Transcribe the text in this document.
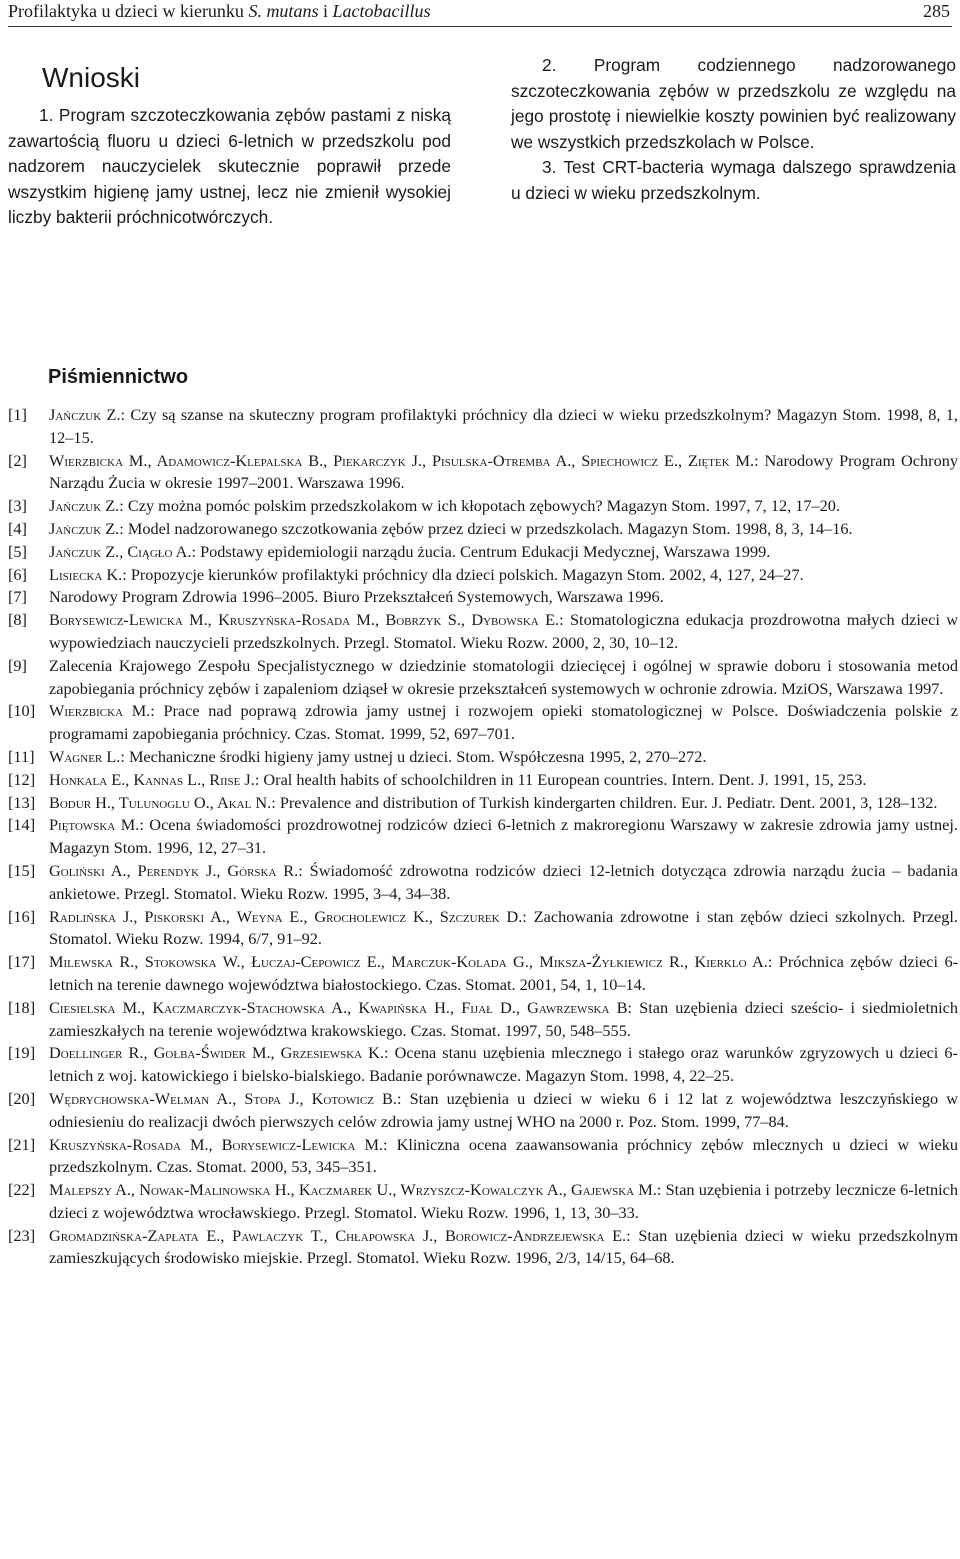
Profilaktyka u dzieci w kierunku S. mutans i Lactobacillus	285
Wnioski

1. Program szczoteczkowania zębów pastami z niską zawartością fluoru u dzieci 6-letnich w przedszkolu pod nadzorem nauczycielek skutecznie poprawił przede wszystkim higienę jamy ustnej, lecz nie zmienił wysokiej liczby bakterii próchnicotwórczych.

2. Program codziennego nadzorowanego szczoteczkowania zębów w przedszkolu ze względu na jego prostotę i niewielkie koszty powinien być realizowany we wszystkich przedszkolach w Polsce.

3. Test CRT-bacteria wymaga dalszego sprawdzenia u dzieci w wieku przedszkolnym.

Piśmiennictwo
[1]	Jańczuk Z.: Czy są szanse na skuteczny program profilaktyki próchnicy dla dzieci w wieku przedszkolnym? Magazyn Stom. 1998, 8, 1, 12–15.
[2]	Wierzbicka M., Adamowicz-Klepalska B., Piekarczyk J., Pisulska-Otremba A., Spiechowicz E., Ziętek M.: Narodowy Program Ochrony Narządu Żucia w okresie 1997–2001. Warszawa 1996.
[3]	Jańczuk Z.: Czy można pomóc polskim przedszkolakom w ich kłopotach zębowych? Magazyn Stom. 1997, 7, 12, 17–20.
[4]	Jańczuk Z.: Model nadzorowanego szczotkowania zębów przez dzieci w przedszkolach. Magazyn Stom. 1998, 8, 3, 14–16.
[5]	Jańczuk Z., Ciągło A.: Podstawy epidemiologii narządu żucia. Centrum Edukacji Medycznej, Warszawa 1999.
[6]	Lisiecka K.: Propozycje kierunków profilaktyki próchnicy dla dzieci polskich. Magazyn Stom. 2002, 4, 127, 24–27.
[7]	Narodowy Program Zdrowia 1996–2005. Biuro Przekształceń Systemowych, Warszawa 1996.
[8]	Borysewicz-Lewicka M., Kruszyńska-Rosada M., Bobrzyk S., Dybowska E.: Stomatologiczna edukacja prozdrowotna małych dzieci w wypowiedziach nauczycieli przedszkolnych. Przegl. Stomatol. Wieku Rozw. 2000, 2, 30, 10–12.
[9]	Zalecenia Krajowego Zespołu Specjalistycznego w dziedzinie stomatologii dziecięcej i ogólnej w sprawie doboru i stosowania metod zapobiegania próchnicy zębów i zapaleniom dziąseł w okresie przekształceń systemowych w ochronie zdrowia. MziOS, Warszawa 1997.
[10] Wierzbicka M.: Prace nad poprawą zdrowia jamy ustnej i rozwojem opieki stomatologicznej w Polsce. Doświadczenia polskie z programami zapobiegania próchnicy. Czas. Stomat. 1999, 52, 697–701.
[11] Wagner L.: Mechaniczne środki higieny jamy ustnej u dzieci. Stom. Współczesna 1995, 2, 270–272.
[12] Honkala E., Kannas L., Riise J.: Oral health habits of schoolchildren in 11 European countries. Intern. Dent. J. 1991, 15, 253.
[13] Bodur H., Tulunoglu O., Akal N.: Prevalence and distribution of Turkish kindergarten children. Eur. J. Pediatr. Dent. 2001, 3, 128–132.
[14] Piętowska M.: Ocena świadomości prozdrowotnej rodziców dzieci 6-letnich z makroregionu Warszawy w zakresie zdrowia jamy ustnej. Magazyn Stom. 1996, 12, 27–31.
[15] Goliński A., Perendyk J., Górska R.: Świadomość zdrowotna rodziców dzieci 12-letnich dotycząca zdrowia narządu żucia – badania ankietowe. Przegl. Stomatol. Wieku Rozw. 1995, 3–4, 34–38.
[16] Radlińska J., Piskorski A., Weyna E., Grocholewicz K., Szczurek D.: Zachowania zdrowotne i stan zębów dzieci szkolnych. Przegl. Stomatol. Wieku Rozw. 1994, 6/7, 91–92.
[17] Milewska R., Stokowska W., Łuczaj-Cepowicz E., Marczuk-Kolada G., Miksza-Żyłkiewicz R., Kierklo A.: Próchnica zębów dzieci 6-letnich na terenie dawnego województwa białostockiego. Czas. Stomat. 2001, 54, 1, 10–14.
[18] Ciesielska M., Kaczmarczyk-Stachowska A., Kwapińska H., Fijał D., Gawrzewska B: Stan uzębienia dzieci sześcio- i siedmioletnich zamieszkałych na terenie województwa krakowskiego. Czas. Stomat. 1997, 50, 548–555.
[19] Doellinger R., Gołba-Świder M., Grzesiewska K.: Ocena stanu uzębienia mlecznego i stałego oraz warunków zgryzowych u dzieci 6-letnich z woj. katowickiego i bielsko-bialskiego. Badanie porównawcze. Magazyn Stom. 1998, 4, 22–25.
[20] Wędrychowska-Welman A., Stopa J., Kotowicz B.: Stan uzębienia u dzieci w wieku 6 i 12 lat z województwa leszczyńskiego w odniesieniu do realizacji dwóch pierwszych celów zdrowia jamy ustnej WHO na 2000 r. Poz. Stom. 1999, 77–84.
[21] Kruszyńska-Rosada M., Borysewicz-Lewicka M.: Kliniczna ocena zaawansowania próchnicy zębów mlecznych u dzieci w wieku przedszkolnym. Czas. Stomat. 2000, 53, 345–351.
[22] Malepszy A., Nowak-Malinowska H., Kaczmarek U., Wrzyszcz-Kowalczyk A., Gajewska M.: Stan uzębienia i potrzeby lecznicze 6-letnich dzieci z województwa wrocławskiego. Przegl. Stomatol. Wieku Rozw. 1996, 1, 13, 30–33.
[23] Gromadzińska-Zapłata E., Pawlaczyk T., Chłapowska J., Borowicz-Andrzejewska E.: Stan uzębienia dzieci w wieku przedszkolnym zamieszkujących środowisko miejskie. Przegl. Stomatol. Wieku Rozw. 1996, 2/3, 14/15, 64–68.
